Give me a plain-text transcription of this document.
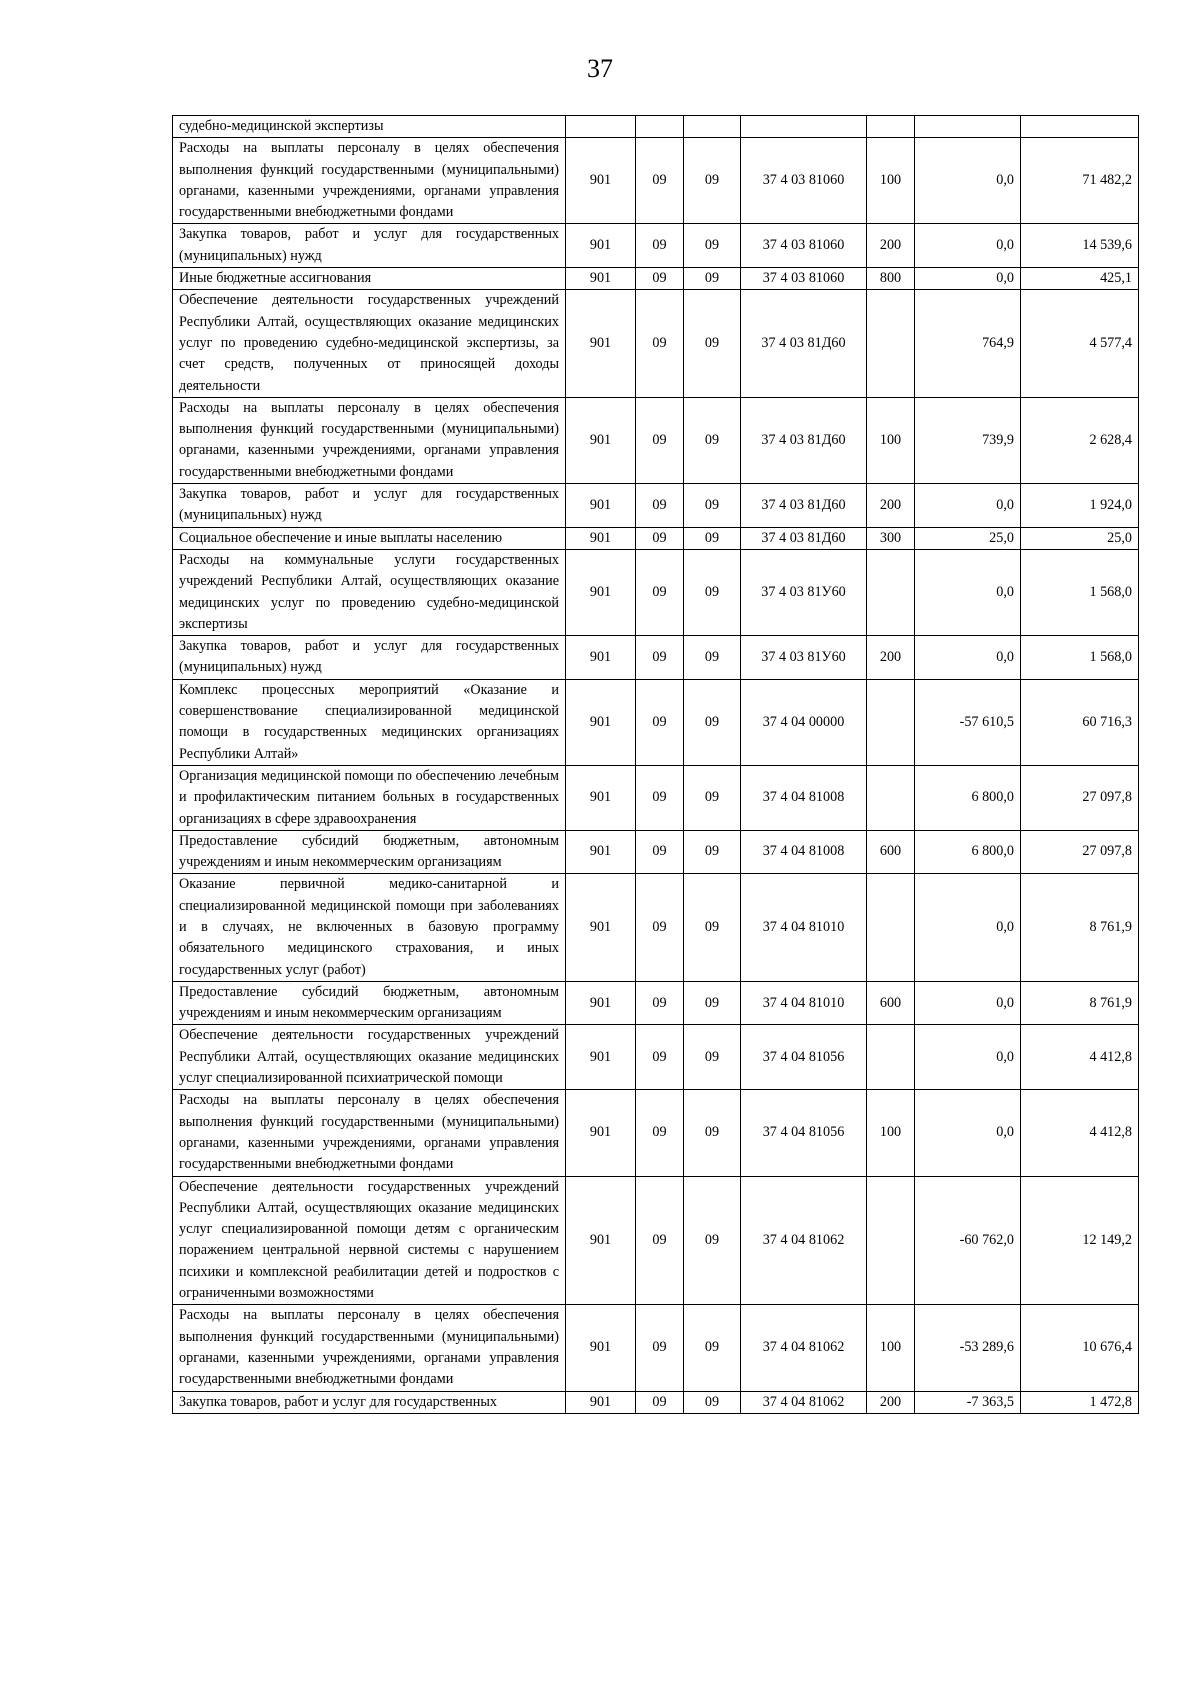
37
судебно-медицинской экспертизы							
Расходы на выплаты персоналу в целях обеспечения выполнения функций государственными (муниципальными) органами, казенными учреждениями, органами управления государственными внебюджетными фондами	901	09	09	37 4 03 81060	100	0,0	71 482,2
Закупка товаров, работ и услуг для государственных (муниципальных) нужд	901	09	09	37 4 03 81060	200	0,0	14 539,6
Иные бюджетные ассигнования	901	09	09	37 4 03 81060	800	0,0	425,1
Обеспечение деятельности государственных учреждений Республики Алтай, осуществляющих оказание медицинских услуг по проведению судебно-медицинской экспертизы, за счет средств, полученных от приносящей доходы деятельности	901	09	09	37 4 03 81Д60		764,9	4 577,4
Расходы на выплаты персоналу в целях обеспечения выполнения функций государственными (муниципальными) органами, казенными учреждениями, органами управления государственными внебюджетными фондами	901	09	09	37 4 03 81Д60	100	739,9	2 628,4
Закупка товаров, работ и услуг для государственных (муниципальных) нужд	901	09	09	37 4 03 81Д60	200	0,0	1 924,0
Социальное обеспечение и иные выплаты населению	901	09	09	37 4 03 81Д60	300	25,0	25,0
Расходы на коммунальные услуги государственных учреждений Республики Алтай, осуществляющих оказание медицинских услуг по проведению судебно-медицинской экспертизы	901	09	09	37 4 03 81У60		0,0	1 568,0
Закупка товаров, работ и услуг для государственных (муниципальных) нужд	901	09	09	37 4 03 81У60	200	0,0	1 568,0
Комплекс процессных мероприятий «Оказание и совершенствование специализированной медицинской помощи в государственных медицинских организациях Республики Алтай»	901	09	09	37 4 04 00000		-57 610,5	60 716,3
Организация медицинской помощи по обеспечению лечебным и профилактическим питанием больных в государственных организациях в сфере здравоохранения	901	09	09	37 4 04 81008		6 800,0	27 097,8
Предоставление субсидий бюджетным, автономным учреждениям и иным некоммерческим организациям	901	09	09	37 4 04 81008	600	6 800,0	27 097,8
Оказание первичной медико-санитарной и специализированной медицинской помощи при заболеваниях и в случаях, не включенных в базовую программу обязательного медицинского страхования, и иных государственных услуг (работ)	901	09	09	37 4 04 81010		0,0	8 761,9
Предоставление субсидий бюджетным, автономным учреждениям и иным некоммерческим организациям	901	09	09	37 4 04 81010	600	0,0	8 761,9
Обеспечение деятельности государственных учреждений Республики Алтай, осуществляющих оказание медицинских услуг специализированной психиатрической помощи	901	09	09	37 4 04 81056		0,0	4 412,8
Расходы на выплаты персоналу в целях обеспечения выполнения функций государственными (муниципальными) органами, казенными учреждениями, органами управления государственными внебюджетными фондами	901	09	09	37 4 04 81056	100	0,0	4 412,8
Обеспечение деятельности государственных учреждений Республики Алтай, осуществляющих оказание медицинских услуг специализированной помощи детям с органическим поражением центральной нервной системы с нарушением психики и комплексной реабилитации детей и подростков с ограниченными возможностями	901	09	09	37 4 04 81062		-60 762,0	12 149,2
Расходы на выплаты персоналу в целях обеспечения выполнения функций государственными (муниципальными) органами, казенными учреждениями, органами управления государственными внебюджетными фондами	901	09	09	37 4 04 81062	100	-53 289,6	10 676,4
Закупка товаров, работ и услуг для государственных	901	09	09	37 4 04 81062	200	-7 363,5	1 472,8
